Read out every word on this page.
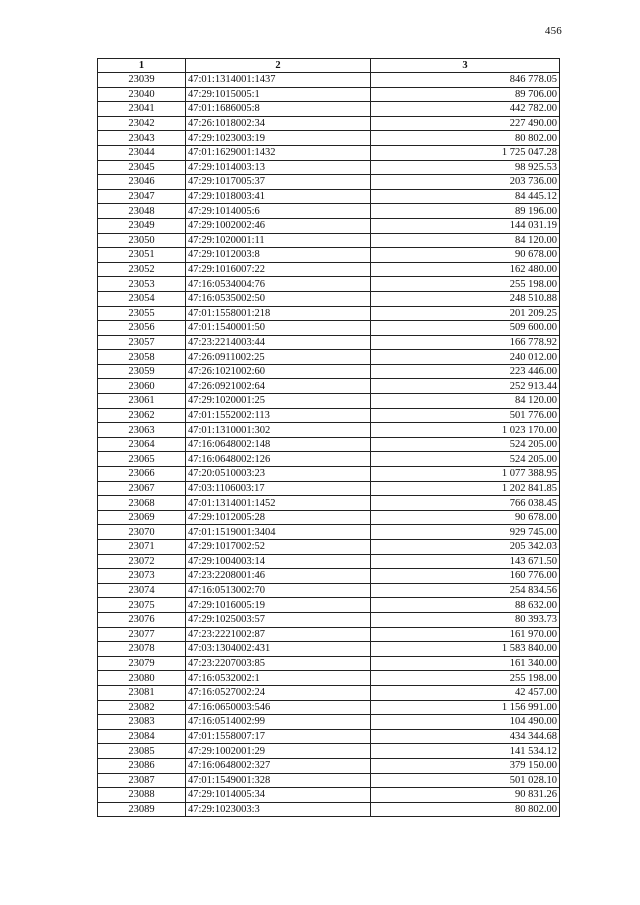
456
1	2	3
23039	47:01:1314001:1437	846 778.05
23040	47:29:1015005:1	89 706.00
23041	47:01:1686005:8	442 782.00
23042	47:26:1018002:34	227 490.00
23043	47:29:1023003:19	80 802.00
23044	47:01:1629001:1432	1 725 047.28
23045	47:29:1014003:13	98 925.53
23046	47:29:1017005:37	203 736.00
23047	47:29:1018003:41	84 445.12
23048	47:29:1014005:6	89 196.00
23049	47:29:1002002:46	144 031.19
23050	47:29:1020001:11	84 120.00
23051	47:29:1012003:8	90 678.00
23052	47:29:1016007:22	162 480.00
23053	47:16:0534004:76	255 198.00
23054	47:16:0535002:50	248 510.88
23055	47:01:1558001:218	201 209.25
23056	47:01:1540001:50	509 600.00
23057	47:23:2214003:44	166 778.92
23058	47:26:0911002:25	240 012.00
23059	47:26:1021002:60	223 446.00
23060	47:26:0921002:64	252 913.44
23061	47:29:1020001:25	84 120.00
23062	47:01:1552002:113	501 776.00
23063	47:01:1310001:302	1 023 170.00
23064	47:16:0648002:148	524 205.00
23065	47:16:0648002:126	524 205.00
23066	47:20:0510003:23	1 077 388.95
23067	47:03:1106003:17	1 202 841.85
23068	47:01:1314001:1452	766 038.45
23069	47:29:1012005:28	90 678.00
23070	47:01:1519001:3404	929 745.00
23071	47:29:1017002:52	205 342.03
23072	47:29:1004003:14	143 671.50
23073	47:23:2208001:46	160 776.00
23074	47:16:0513002:70	254 834.56
23075	47:29:1016005:19	88 632.00
23076	47:29:1025003:57	80 393.73
23077	47:23:2221002:87	161 970.00
23078	47:03:1304002:431	1 583 840.00
23079	47:23:2207003:85	161 340.00
23080	47:16:0532002:1	255 198.00
23081	47:16:0527002:24	42 457.00
23082	47:16:0650003:546	1 156 991.00
23083	47:16:0514002:99	104 490.00
23084	47:01:1558007:17	434 344.68
23085	47:29:1002001:29	141 534.12
23086	47:16:0648002:327	379 150.00
23087	47:01:1549001:328	501 028.10
23088	47:29:1014005:34	90 831.26
23089	47:29:1023003:3	80 802.00
